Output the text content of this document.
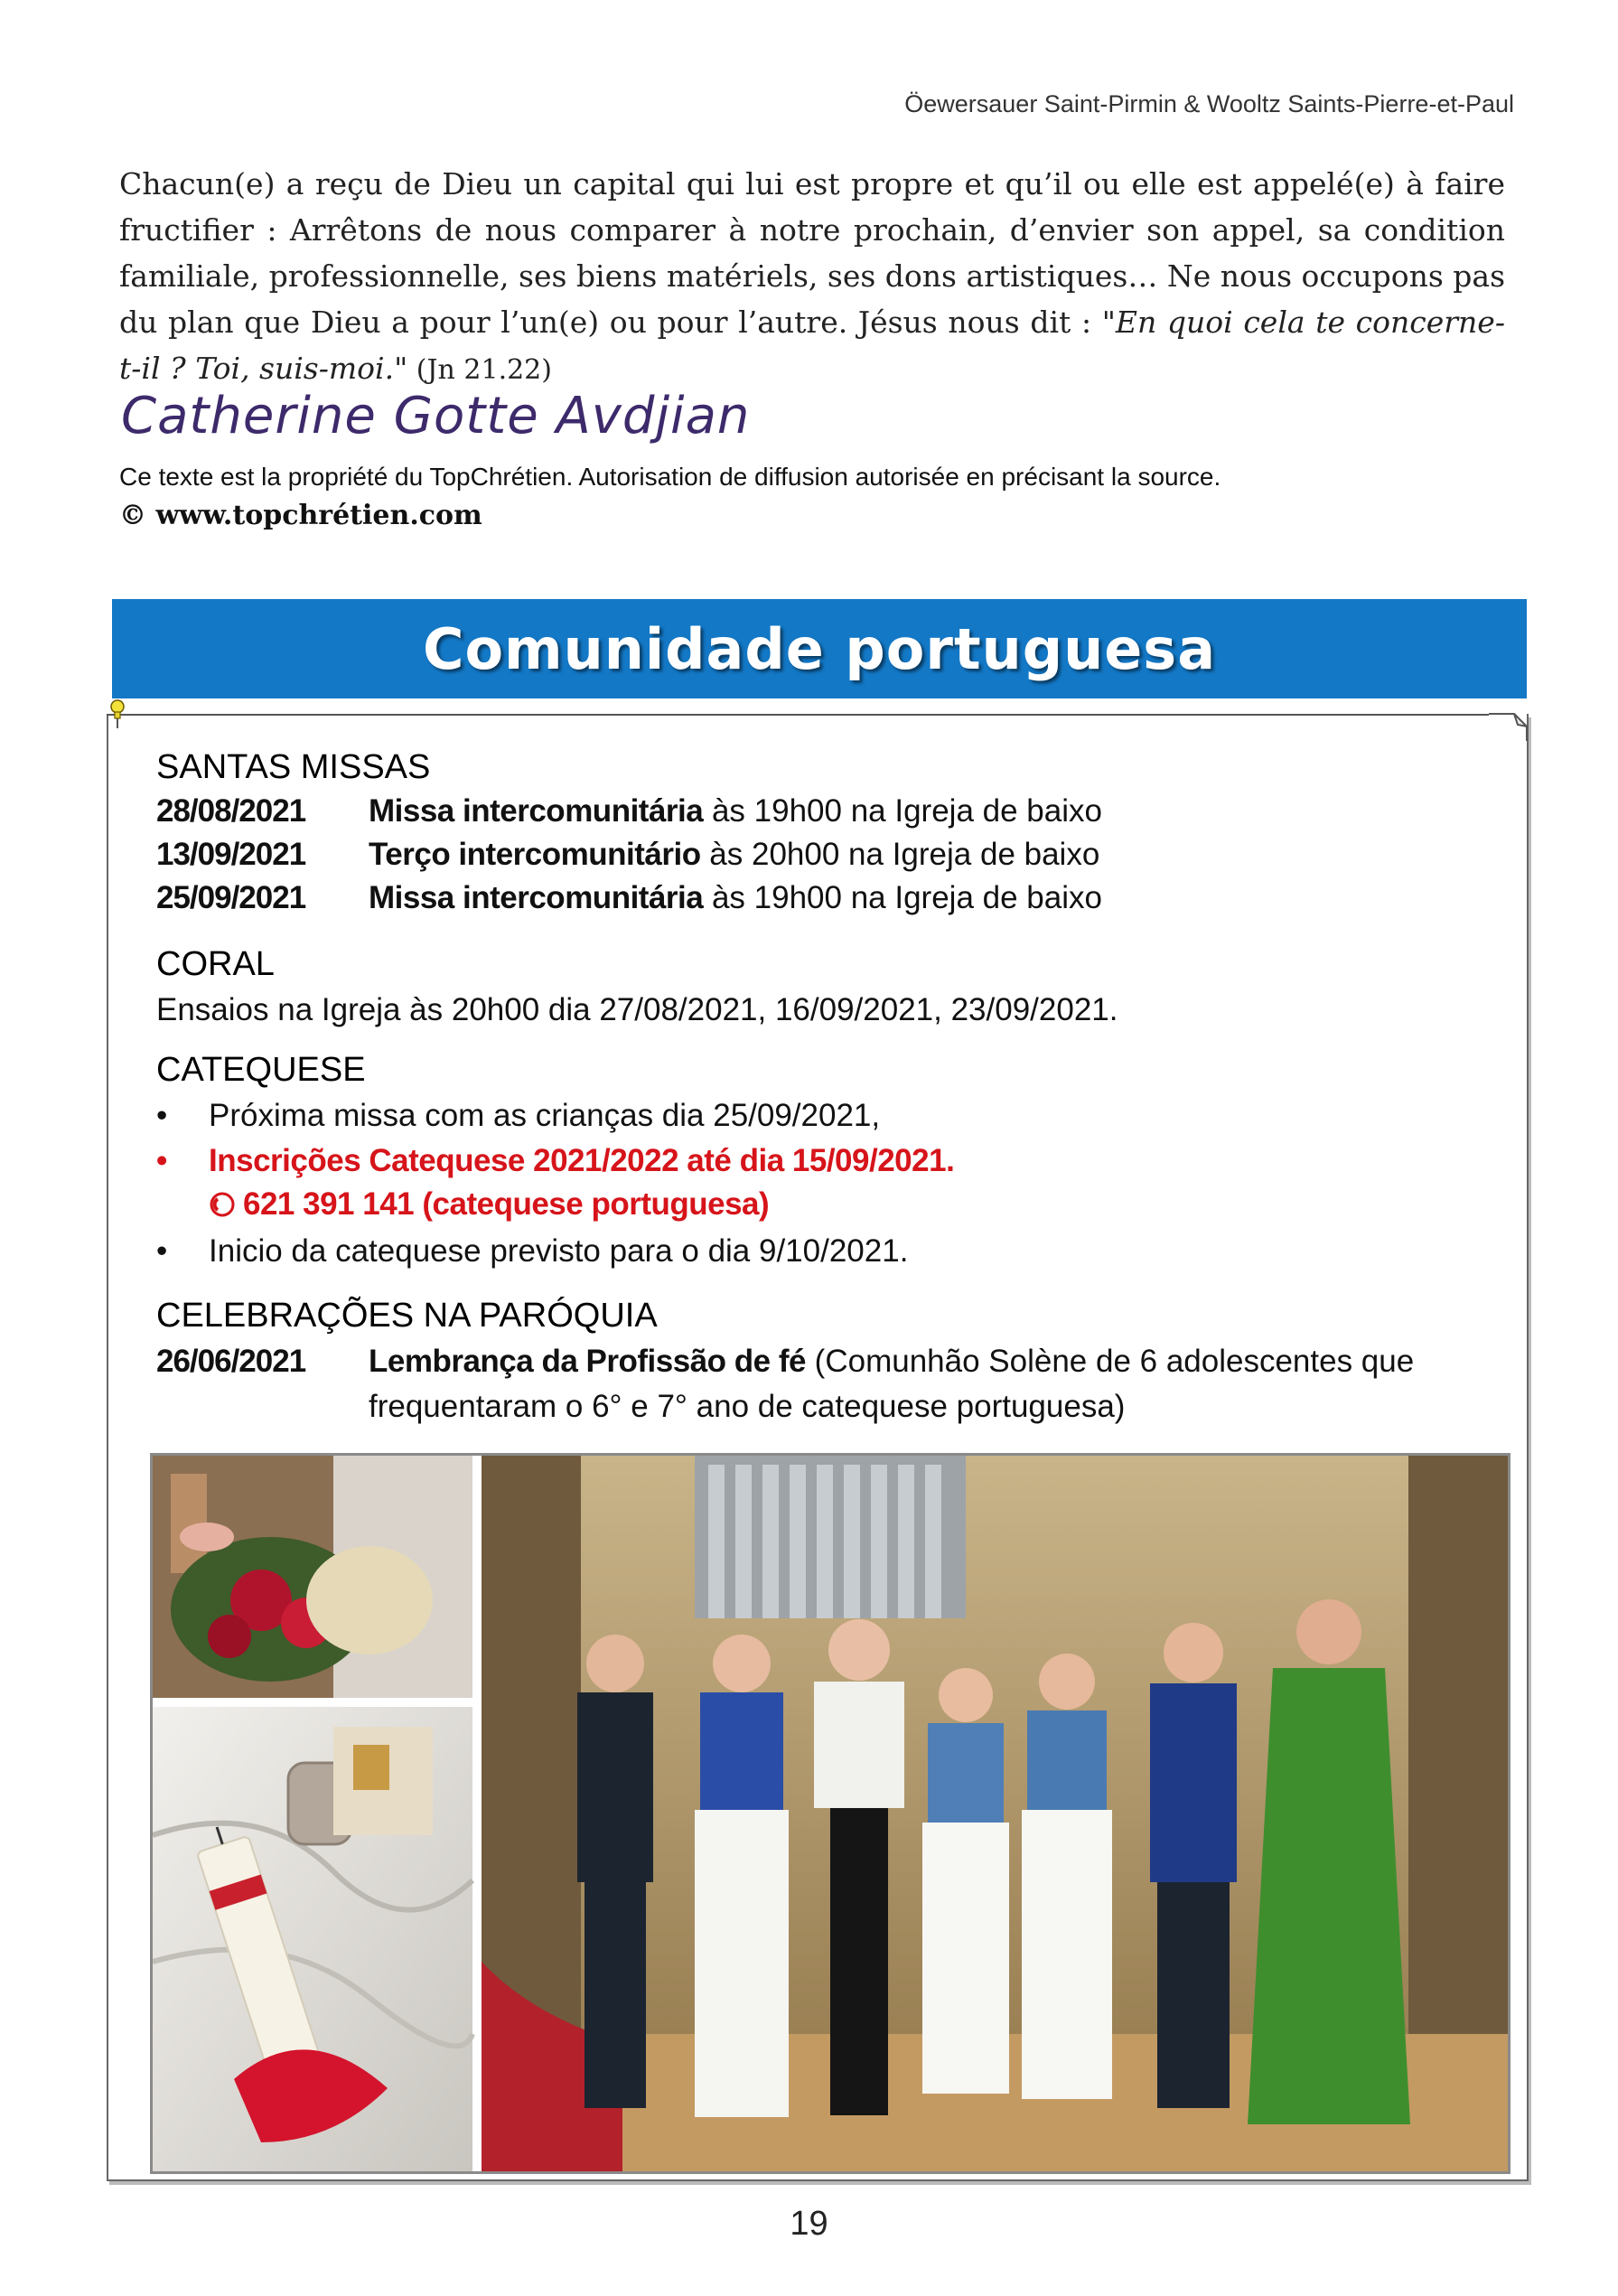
Öewersauer Saint-Pirmin & Wooltz Saints-Pierre-et-Paul

Chacun(e) a reçu de Dieu un capital qui lui est propre et qu’il ou elle est appelé(e) à faire fructifier : Arrêtons de nous comparer à notre prochain, d’envier son appel, sa condition familiale, professionnelle, ses biens matériels, ses dons artistiques… Ne nous occupons pas du plan que Dieu a pour l’un(e) ou pour l’autre. Jésus nous dit : "En quoi cela te concerne-t-il ? Toi, suis-moi." (Jn 21.22)

Catherine Gotte Avdjian
Ce texte est la propriété du TopChrétien. Autorisation de diffusion autorisée en précisant la source.
© www.topchrétien.com
Comunidade portuguesa
SANTAS MISSAS
28/08/2021 Missa intercomunitária às 19h00 na Igreja de baixo
13/09/2021 Terço intercomunitário às 20h00 na Igreja de baixo
25/09/2021 Missa intercomunitária às 19h00 na Igreja de baixo
CORAL
Ensaios na Igreja às 20h00 dia 27/08/2021, 16/09/2021, 23/09/2021.
CATEQUESE
• Próxima missa com as crianças dia 25/09/2021,
• Inscrições Catequese 2021/2022 até dia 15/09/2021.
621 391 141 (catequese portuguesa)
• Inicio da catequese previsto para o dia 9/10/2021.
CELEBRAÇÕES NA PARÓQUIA
26/06/2021 Lembrança da Profissão de fé (Comunhão Solène de 6 adolescentes que
frequentaram o 6° e 7° ano de catequese portuguesa)
19
